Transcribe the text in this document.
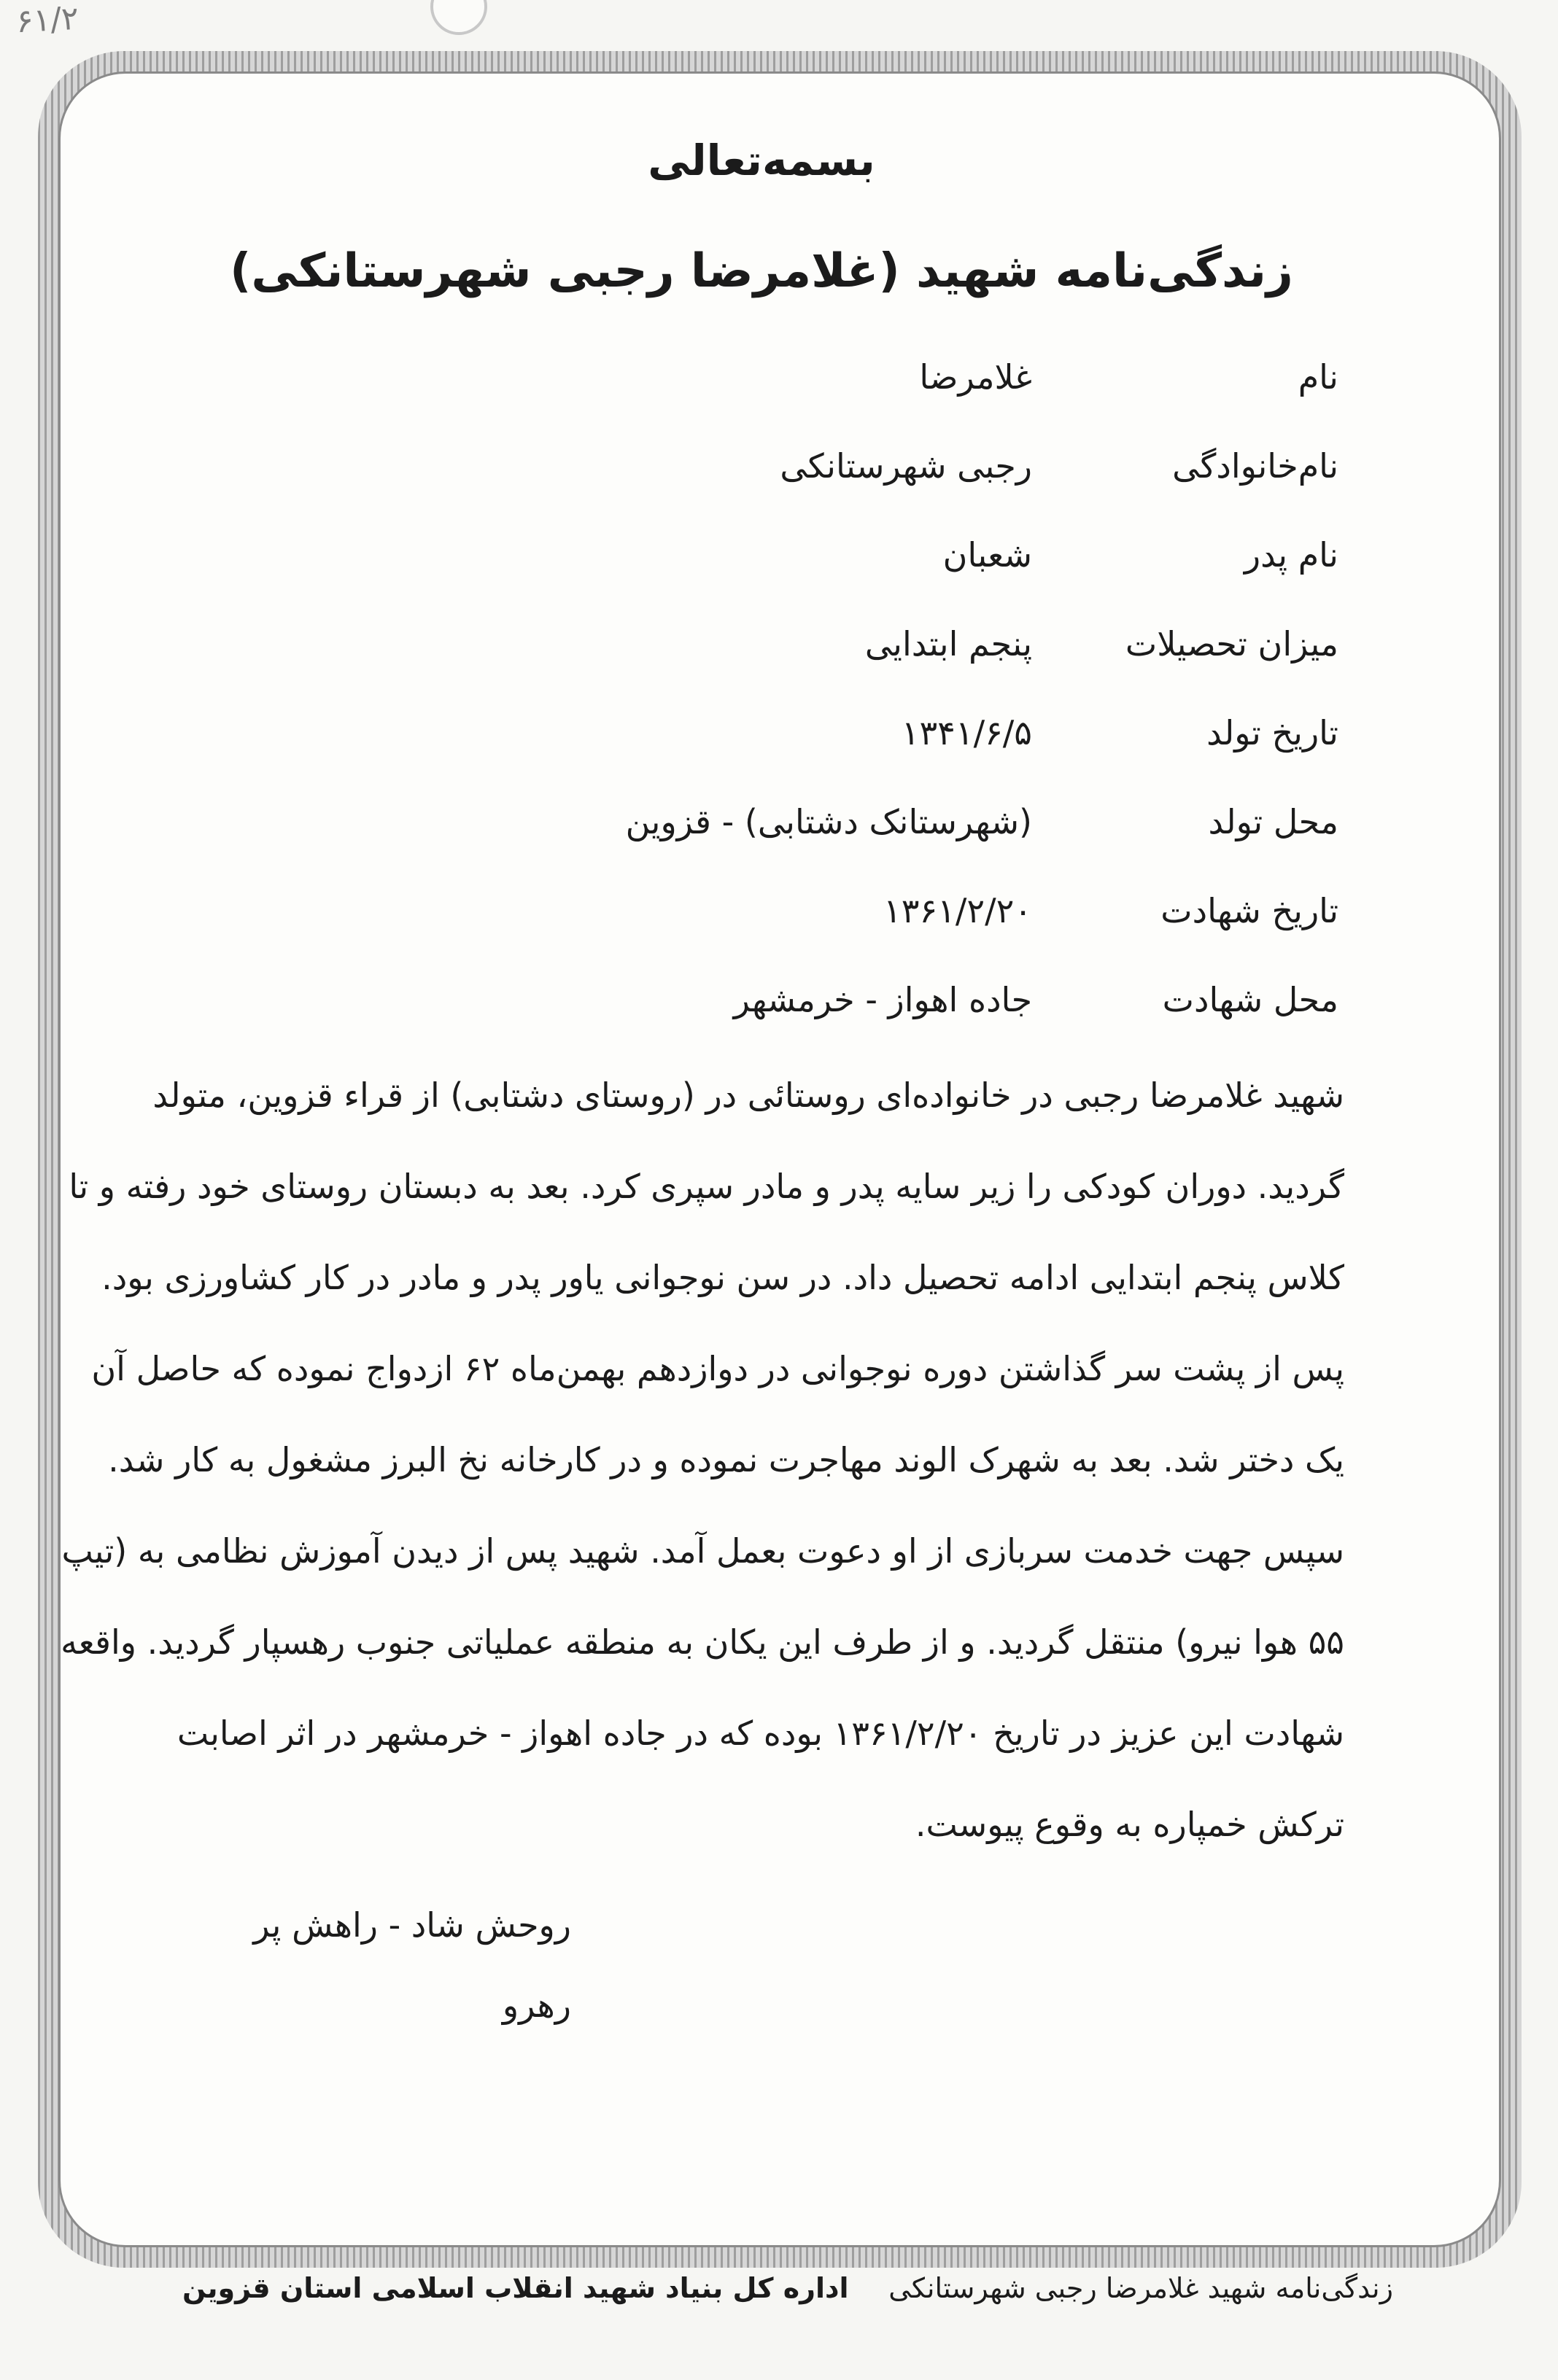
۶۱/۲

بسمه‌تعالی

زندگی‌نامه شهید (غلامرضا رجبی شهرستانکی)

نام
غلامرضا
نام‌خانوادگی
رجبی شهرستانکی
نام پدر
شعبان
میزان تحصیلات
پنجم ابتدایی
تاریخ تولد
۱۳۴۱/۶/۵
محل تولد
(شهرستانک دشتابی) - قزوین
تاریخ شهادت
۱۳۶۱/۲/۲۰
محل شهادت
جاده اهواز - خرمشهر
شهید غلامرضا رجبی در خانواده‌ای روستائی در (روستای دشتابی) از قراء قزوین، متولد
گردید. دوران کودکی را زیر سایه پدر و مادر سپری کرد. بعد به دبستان روستای خود رفته و تا
کلاس پنجم ابتدایی ادامه تحصیل داد. در سن نوجوانی یاور پدر و مادر در کار کشاورزی بود.
پس از پشت سر گذاشتن دوره نوجوانی در دوازدهم بهمن‌ماه ۶۲ ازدواج نموده که حاصل آن
یک دختر شد. بعد به شهرک الوند مهاجرت نموده و در کارخانه نخ البرز مشغول به کار شد.
سپس جهت خدمت سربازی از او دعوت بعمل آمد. شهید پس از دیدن آموزش نظامی به (تیپ
۵۵ هوا نیرو) منتقل گردید. و از طرف این یکان به منطقه عملیاتی جنوب رهسپار گردید. واقعه
شهادت این عزیز در تاریخ ۱۳۶۱/۲/۲۰ بوده که در جاده اهواز - خرمشهر در اثر اصابت
ترکش خمپاره به وقوع پیوست.
روحش شاد - راهش پر رهرو
اداره کل بنیاد شهید انقلاب اسلامی استان قزوین زندگی‌نامه شهید غلامرضا رجبی شهرستانکی
